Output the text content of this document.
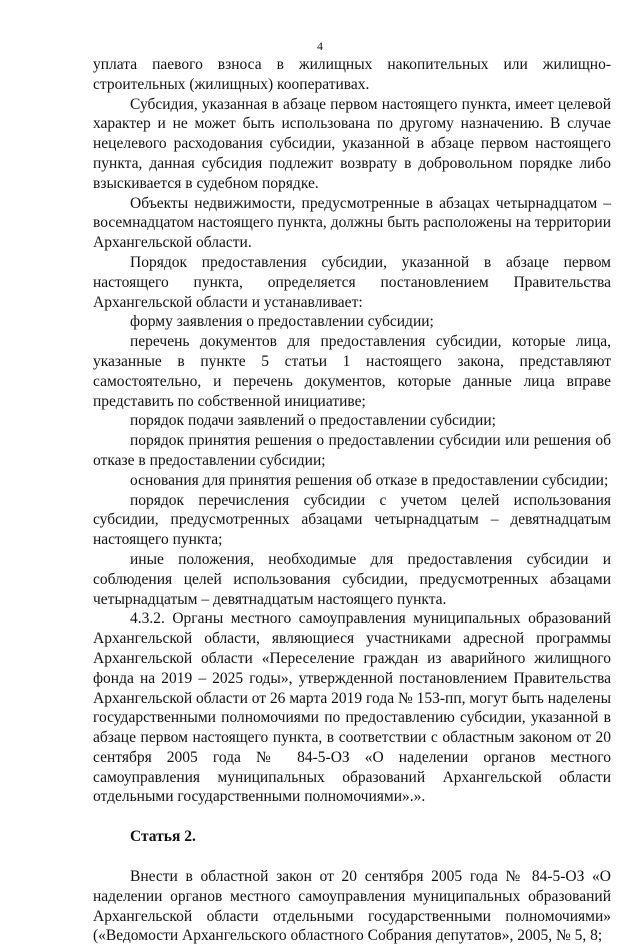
4

уплата паевого взноса в жилищных накопительных или жилищно-строительных (жилищных) кооперативах.

Субсидия, указанная в абзаце первом настоящего пункта, имеет целевой характер и не может быть использована по другому назначению. В случае нецелевого расходования субсидии, указанной в абзаце первом настоящего пункта, данная субсидия подлежит возврату в добровольном порядке либо взыскивается в судебном порядке.

Объекты недвижимости, предусмотренные в абзацах четырнадцатом – восемнадцатом настоящего пункта, должны быть расположены на территории Архангельской области.

Порядок предоставления субсидии, указанной в абзаце первом настоящего пункта, определяется постановлением Правительства Архангельской области и устанавливает:

форму заявления о предоставлении субсидии;

перечень документов для предоставления субсидии, которые лица, указанные в пункте 5 статьи 1 настоящего закона, представляют самостоятельно, и перечень документов, которые данные лица вправе представить по собственной инициативе;

порядок подачи заявлений о предоставлении субсидии;

порядок принятия решения о предоставлении субсидии или решения об отказе в предоставлении субсидии;

основания для принятия решения об отказе в предоставлении субсидии;

порядок перечисления субсидии с учетом целей использования субсидии, предусмотренных абзацами четырнадцатым – девятнадцатым настоящего пункта;

иные положения, необходимые для предоставления субсидии и соблюдения целей использования субсидии, предусмотренных абзацами четырнадцатым – девятнадцатым настоящего пункта.

4.3.2. Органы местного самоуправления муниципальных образований Архангельской области, являющиеся участниками адресной программы Архангельской области «Переселение граждан из аварийного жилищного фонда на 2019 – 2025 годы», утвержденной постановлением Правительства Архангельской области от 26 марта 2019 года № 153-пп, могут быть наделены государственными полномочиями по предоставлению субсидии, указанной в абзаце первом настоящего пункта, в соответствии с областным законом от 20 сентября 2005 года № 84-5-ОЗ «О наделении органов местного самоуправления муниципальных образований Архангельской области отдельными государственными полномочиями».».

Статья 2.

Внести в областной закон от 20 сентября 2005 года № 84-5-ОЗ «О наделении органов местного самоуправления муниципальных образований Архангельской области отдельными государственными полномочиями» («Ведомости Архангельского областного Собрания депутатов», 2005, № 5, 8;
